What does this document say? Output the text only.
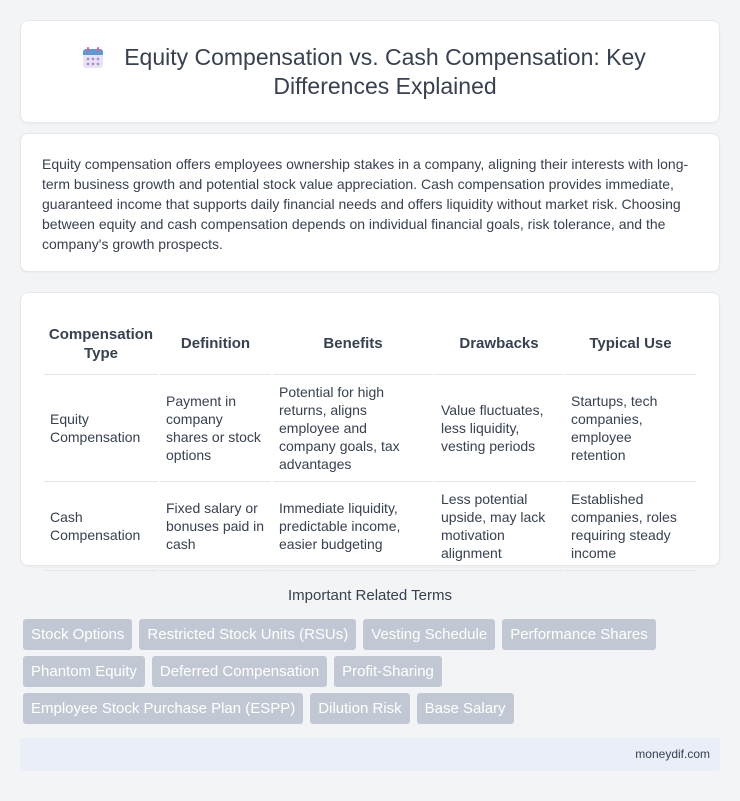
Equity Compensation vs. Cash Compensation: Key Differences Explained

Equity compensation offers employees ownership stakes in a company, aligning their interests with long-term business growth and potential stock value appreciation. Cash compensation provides immediate, guaranteed income that supports daily financial needs and offers liquidity without market risk. Choosing between equity and cash compensation depends on individual financial goals, risk tolerance, and the company's growth prospects.

Compensation Type	Definition	Benefits	Drawbacks	Typical Use
Equity Compensation	Payment in company shares or stock options	Potential for high returns, aligns employee and company goals, tax advantages	Value fluctuates, less liquidity, vesting periods	Startups, tech companies, employee retention
Cash Compensation	Fixed salary or bonuses paid in cash	Immediate liquidity, predictable income, easier budgeting	Less potential upside, may lack motivation alignment	Established companies, roles requiring steady income
Important Related Terms
Stock Options	Restricted Stock Units (RSUs)	Vesting Schedule	Performance Shares
Phantom Equity	Deferred Compensation	Profit-Sharing
Employee Stock Purchase Plan (ESPP)	Dilution Risk	Base Salary
moneydif.com
